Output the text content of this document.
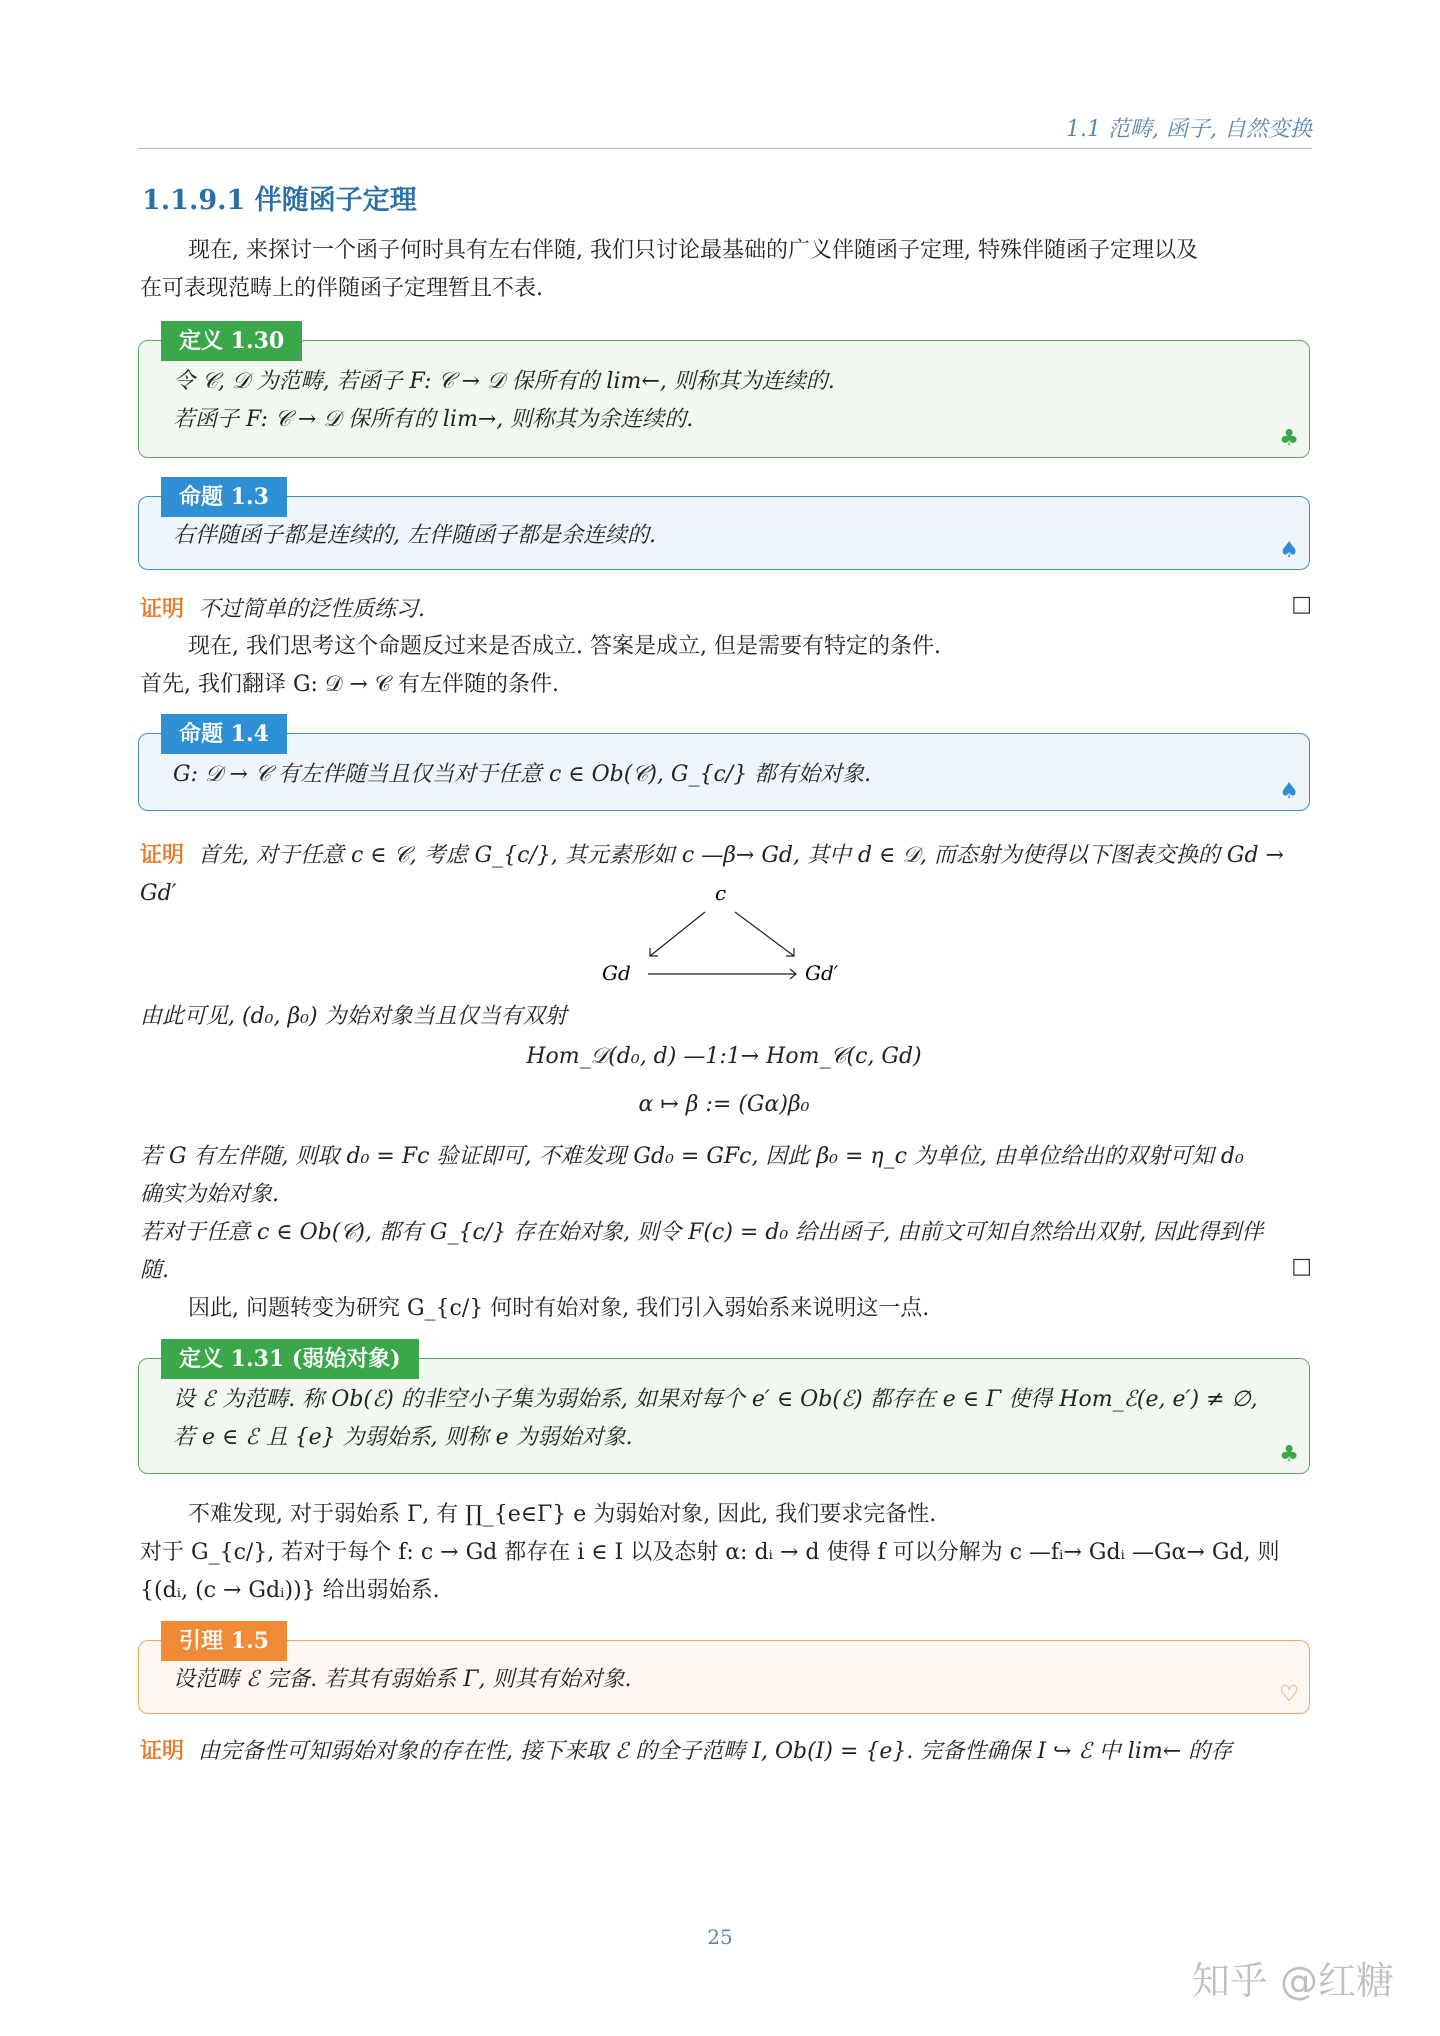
1.1 范畴, 函子, 自然变换
1.1.9.1 伴随函子定理
现在, 来探讨一个函子何时具有左右伴随, 我们只讨论最基础的广义伴随函子定理, 特殊伴随函子定理以及
在可表现范畴上的伴随函子定理暂且不表.
定义 1.30
令 𝒞, 𝒟 为范畴, 若函子 F: 𝒞 → 𝒟 保所有的 lim←, 则称其为连续的.
若函子 F: 𝒞 → 𝒟 保所有的 lim→, 则称其为余连续的.
♣
命题 1.3
右伴随函子都是连续的, 左伴随函子都是余连续的.
♠
证明 不过简单的泛性质练习.	□
现在, 我们思考这个命题反过来是否成立. 答案是成立, 但是需要有特定的条件.
首先, 我们翻译 G: 𝒟 → 𝒞 有左伴随的条件.
命题 1.4
G: 𝒟 → 𝒞 有左伴随当且仅当对于任意 c ∈ Ob(𝒞), G_{c/} 都有始对象.
♠
证明 首先, 对于任意 c ∈ 𝒞, 考虑 G_{c/}, 其元素形如 c —β→ Gd, 其中 d ∈ 𝒟, 而态射为使得以下图表交换的 Gd → Gd′	c
Gd	Gd′
由此可见, (d₀, β₀) 为始对象当且仅当有双射
Hom_𝒟(d₀, d) —1:1→ Hom_𝒞(c, Gd)
α ↦ β := (Gα)β₀
若 G 有左伴随, 则取 d₀ = Fc 验证即可, 不难发现 Gd₀ = GFc, 因此 β₀ = η_c 为单位, 由单位给出的双射可知 d₀
确实为始对象.
若对于任意 c ∈ Ob(𝒞), 都有 G_{c/} 存在始对象, 则令 F(c) = d₀ 给出函子, 由前文可知自然给出双射, 因此得到伴
随.	□
因此, 问题转变为研究 G_{c/} 何时有始对象, 我们引入弱始系来说明这一点.
定义 1.31 (弱始对象)
设 ℰ 为范畴. 称 Ob(ℰ) 的非空小子集为弱始系, 如果对每个 e′ ∈ Ob(ℰ) 都存在 e ∈ Γ 使得 Hom_ℰ(e, e′) ≠ ∅,
若 e ∈ ℰ 且 {e} 为弱始系, 则称 e 为弱始对象.
♣
不难发现, 对于弱始系 Γ, 有 ∏_{e∈Γ} e 为弱始对象, 因此, 我们要求完备性.
对于 G_{c/}, 若对于每个 f: c → Gd 都存在 i ∈ I 以及态射 α: dᵢ → d 使得 f 可以分解为 c —fᵢ→ Gdᵢ —Gα→ Gd, 则
{(dᵢ, (c → Gdᵢ))} 给出弱始系.
引理 1.5
设范畴 ℰ 完备. 若其有弱始系 Γ, 则其有始对象.
♡
证明 由完备性可知弱始对象的存在性, 接下来取 ℰ 的全子范畴 I, Ob(I) = {e}. 完备性确保 I ↪ ℰ 中 lim← 的存
25
知乎 @红糖
